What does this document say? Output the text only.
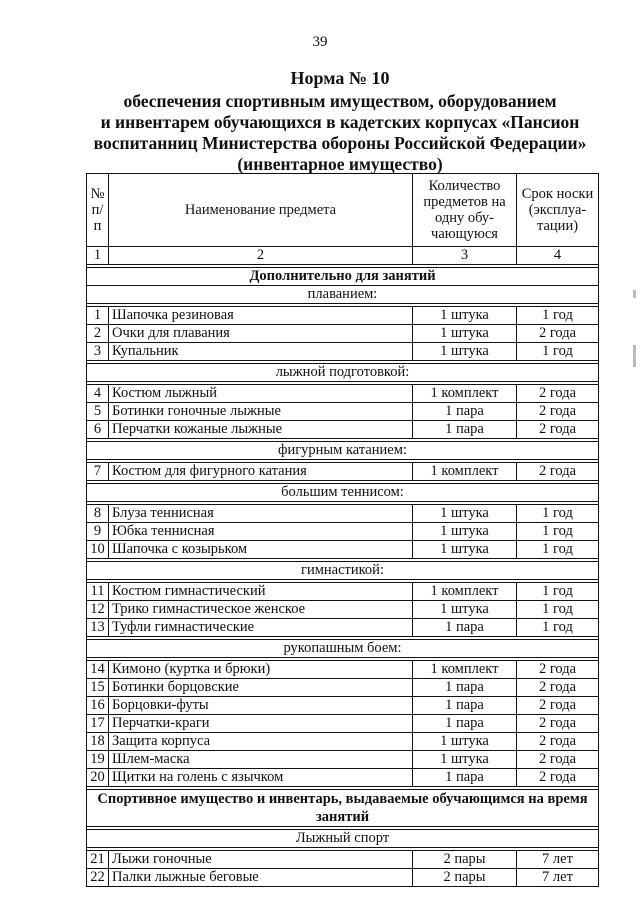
39
Норма № 10
обеспечения спортивным имуществом, оборудованием
и инвентарем обучающихся в кадетских корпусах «Пансион
воспитанниц Министерства обороны Российской Федерации»
(инвентарное имущество)
№ п/п	Наименование предмета	Количество предметов на одну обу-чающуюся	Срок носки (эксплуа-тации)
1	2	3	4

Дополнительно для занятий			
плаванием:			

1	Шапочка резиновая	1 штука	1 год
2	Очки для плавания	1 штука	2 года
3	Купальник	1 штука	1 год

лыжной подготовкой:			

4	Костюм лыжный	1 комплект	2 года
5	Ботинки гоночные лыжные	1 пара	2 года
6	Перчатки кожаные лыжные	1 пара	2 года

фигурным катанием:			

7	Костюм для фигурного катания	1 комплект	2 года

большим теннисом:			

8	Блуза теннисная	1 штука	1 год
9	Юбка теннисная	1 штука	1 год
10	Шапочка с козырьком	1 штука	1 год

гимнастикой:			

11	Костюм гимнастический	1 комплект	1 год
12	Трико гимнастическое женское	1 штука	1 год
13	Туфли гимнастические	1 пара	1 год

рукопашным боем:			

14	Кимоно (куртка и брюки)	1 комплект	2 года
15	Ботинки борцовские	1 пара	2 года
16	Борцовки-футы	1 пара	2 года
17	Перчатки-краги	1 пара	2 года
18	Защита корпуса	1 штука	2 года
19	Шлем-маска	1 штука	2 года
20	Щитки на голень с язычком	1 пара	2 года

Спортивное имущество и инвентарь, выдаваемые обучающимся на время занятий			

Лыжный спорт			

21	Лыжи гоночные	2 пары	7 лет
22	Палки лыжные беговые	2 пары	7 лет
